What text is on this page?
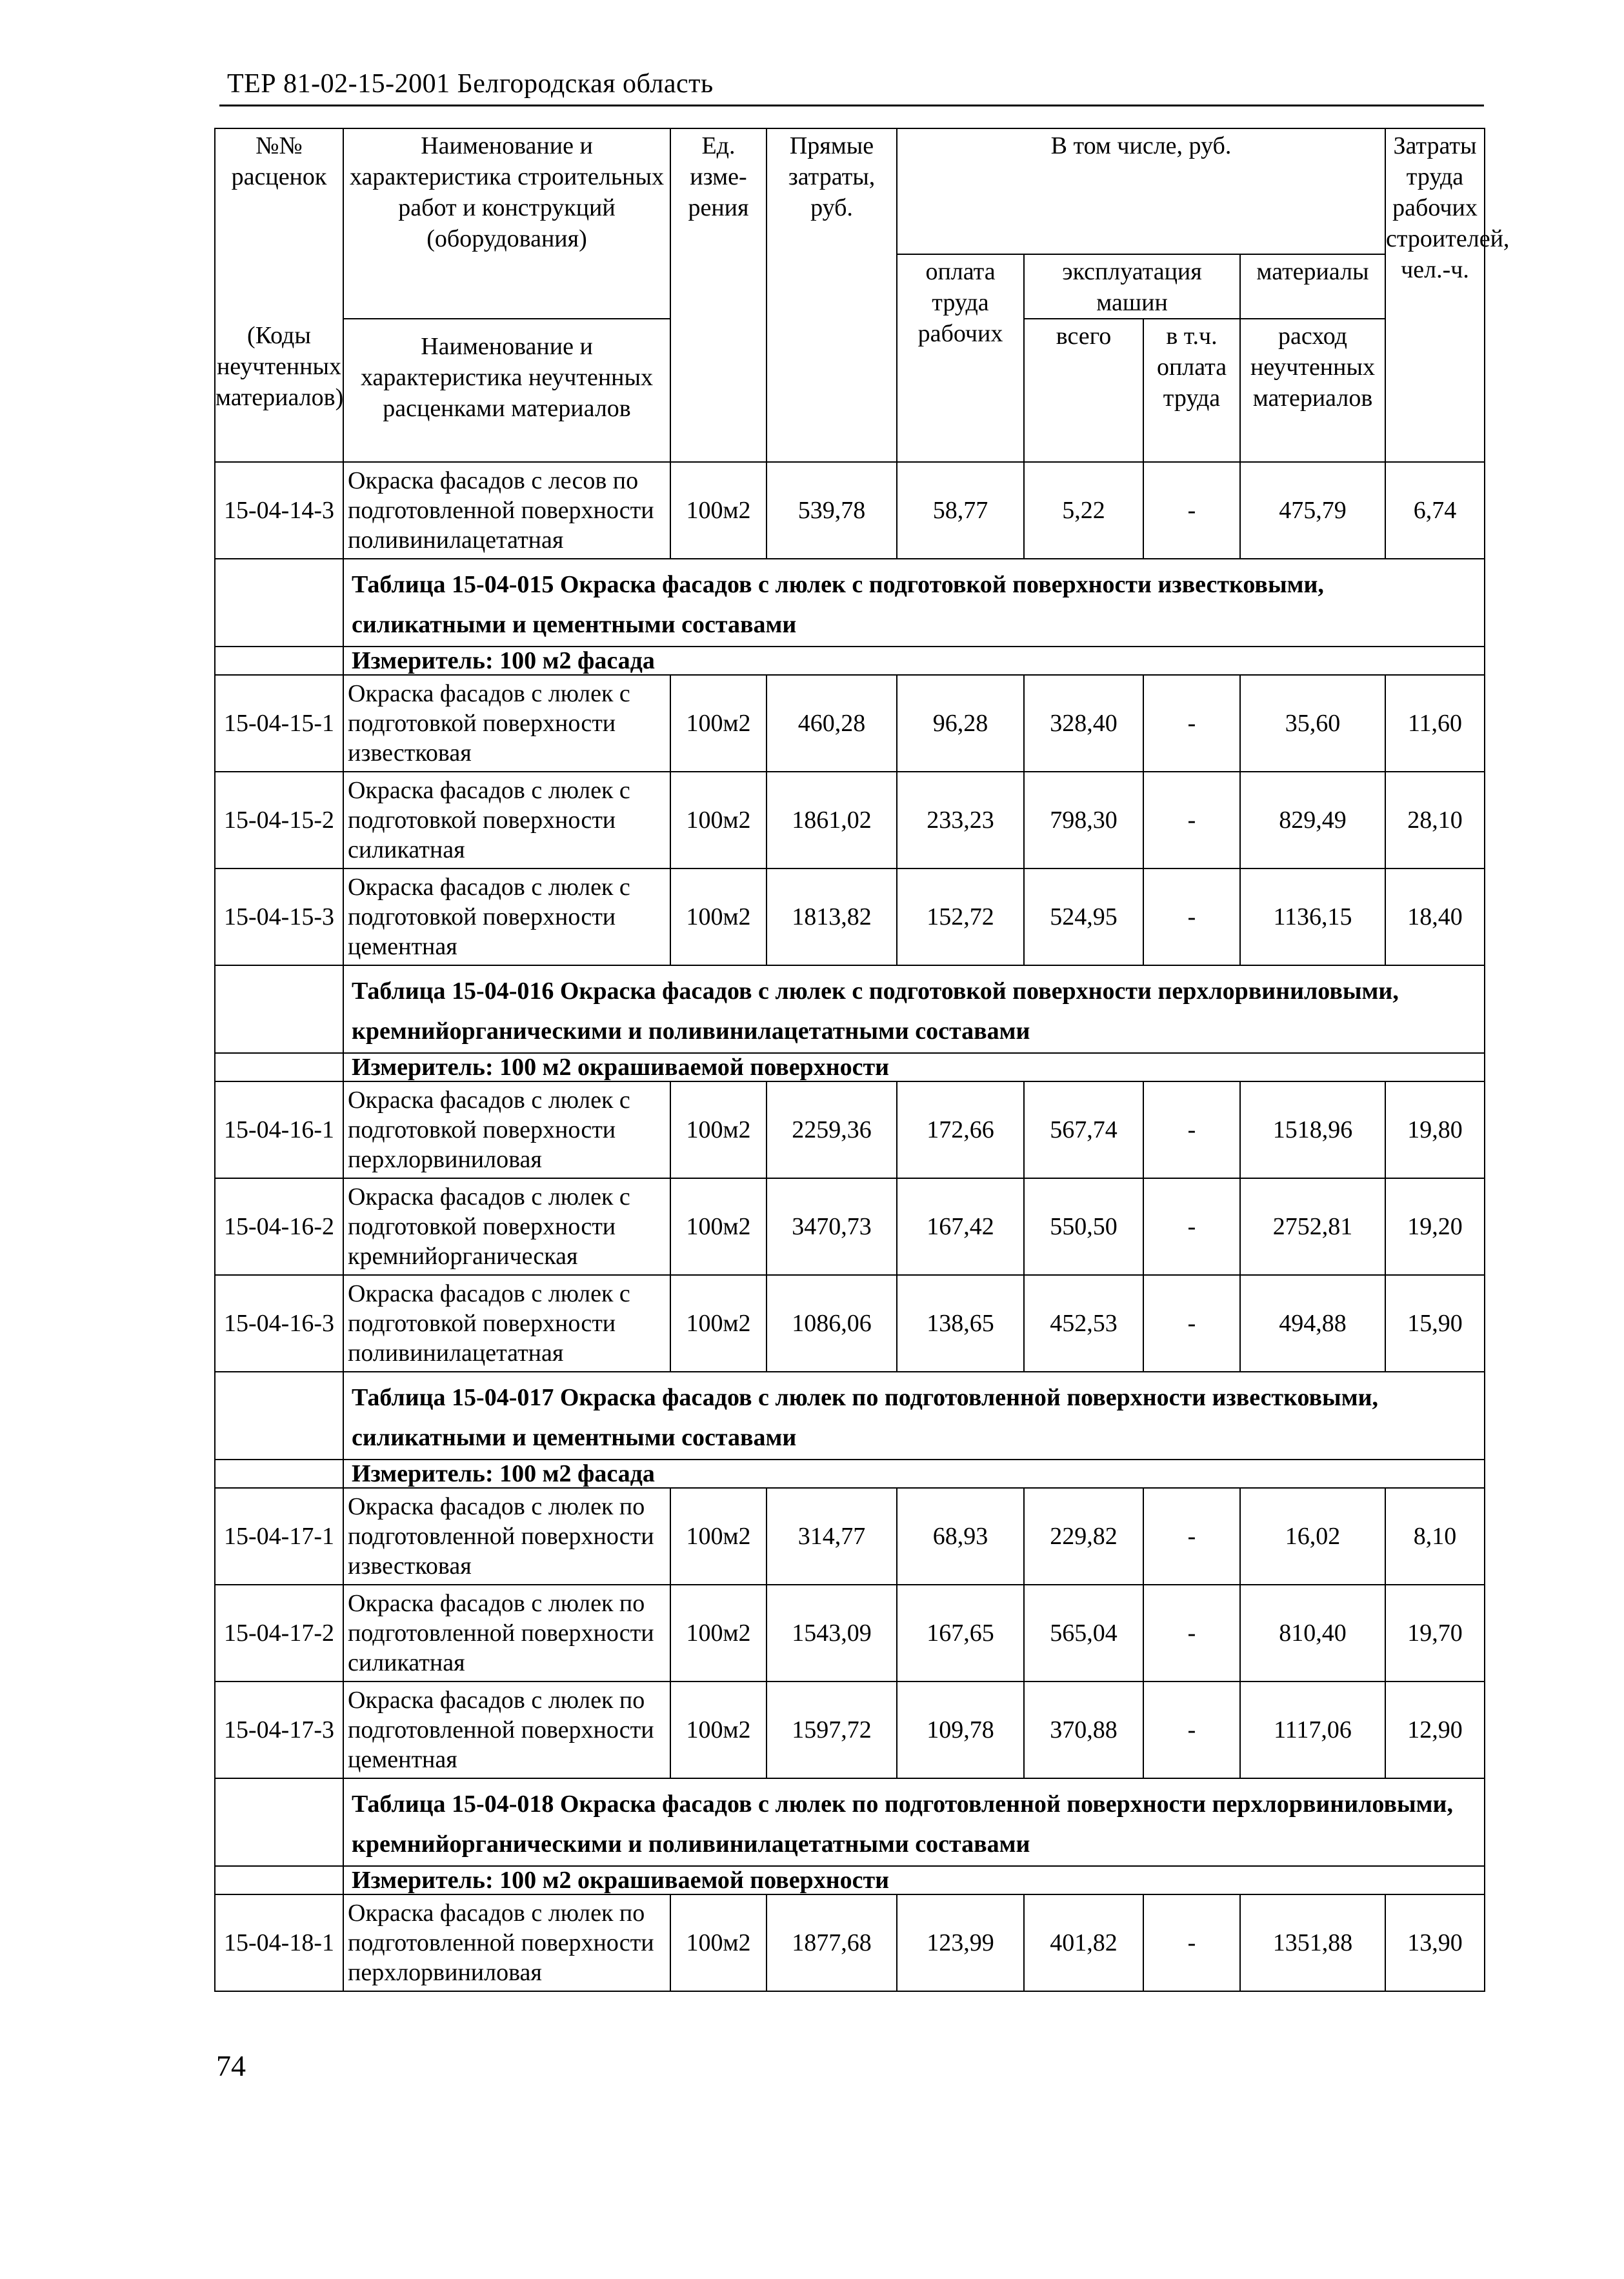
ТЕР 81-02-15-2001 Белгородская область
№№ расценок	Наименование и характеристика строительных работ и конструкций (оборудования)	Ед. изме-рения	Прямые затраты, руб.	В том числе, руб.				Затраты труда рабочих строителей, чел.-ч.
				оплата труда рабочих	эксплуатация машин		материалы	
(Коды неучтенных материалов)	Наименование и характеристика неучтенных расценками материалов				всего	в т.ч. оплата труда	расход неучтенных материалов	
15-04-14-3	Окраска фасадов с лесов по подготовленной поверхности поливинилацетатная	100м2	539,78	58,77	5,22	-	475,79	6,74
	Таблица 15-04-015 Окраска фасадов с люлек с подготовкой поверхности известковыми, силикатными и цементными составами							
	Измеритель: 100 м2 фасада							
15-04-15-1	Окраска фасадов с люлек с подготовкой поверхности известковая	100м2	460,28	96,28	328,40	-	35,60	11,60
15-04-15-2	Окраска фасадов с люлек с подготовкой поверхности силикатная	100м2	1861,02	233,23	798,30	-	829,49	28,10
15-04-15-3	Окраска фасадов с люлек с подготовкой поверхности цементная	100м2	1813,82	152,72	524,95	-	1136,15	18,40
	Таблица 15-04-016 Окраска фасадов с люлек с подготовкой поверхности перхлорвиниловыми, кремнийорганическими и поливинилацетатными составами							
	Измеритель: 100 м2 окрашиваемой поверхности							
15-04-16-1	Окраска фасадов с люлек с подготовкой поверхности перхлорвиниловая	100м2	2259,36	172,66	567,74	-	1518,96	19,80
15-04-16-2	Окраска фасадов с люлек с подготовкой поверхности кремнийорганическая	100м2	3470,73	167,42	550,50	-	2752,81	19,20
15-04-16-3	Окраска фасадов с люлек с подготовкой поверхности поливинилацетатная	100м2	1086,06	138,65	452,53	-	494,88	15,90
	Таблица 15-04-017 Окраска фасадов с люлек по подготовленной поверхности известковыми, силикатными и цементными составами							
	Измеритель: 100 м2 фасада							
15-04-17-1	Окраска фасадов с люлек по подготовленной поверхности известковая	100м2	314,77	68,93	229,82	-	16,02	8,10
15-04-17-2	Окраска фасадов с люлек по подготовленной поверхности силикатная	100м2	1543,09	167,65	565,04	-	810,40	19,70
15-04-17-3	Окраска фасадов с люлек по подготовленной поверхности цементная	100м2	1597,72	109,78	370,88	-	1117,06	12,90
	Таблица 15-04-018 Окраска фасадов с люлек по подготовленной поверхности перхлорвиниловыми, кремнийорганическими и поливинилацетатными составами							
	Измеритель: 100 м2 окрашиваемой поверхности							
15-04-18-1	Окраска фасадов с люлек по подготовленной поверхности перхлорвиниловая	100м2	1877,68	123,99	401,82	-	1351,88	13,90
74
